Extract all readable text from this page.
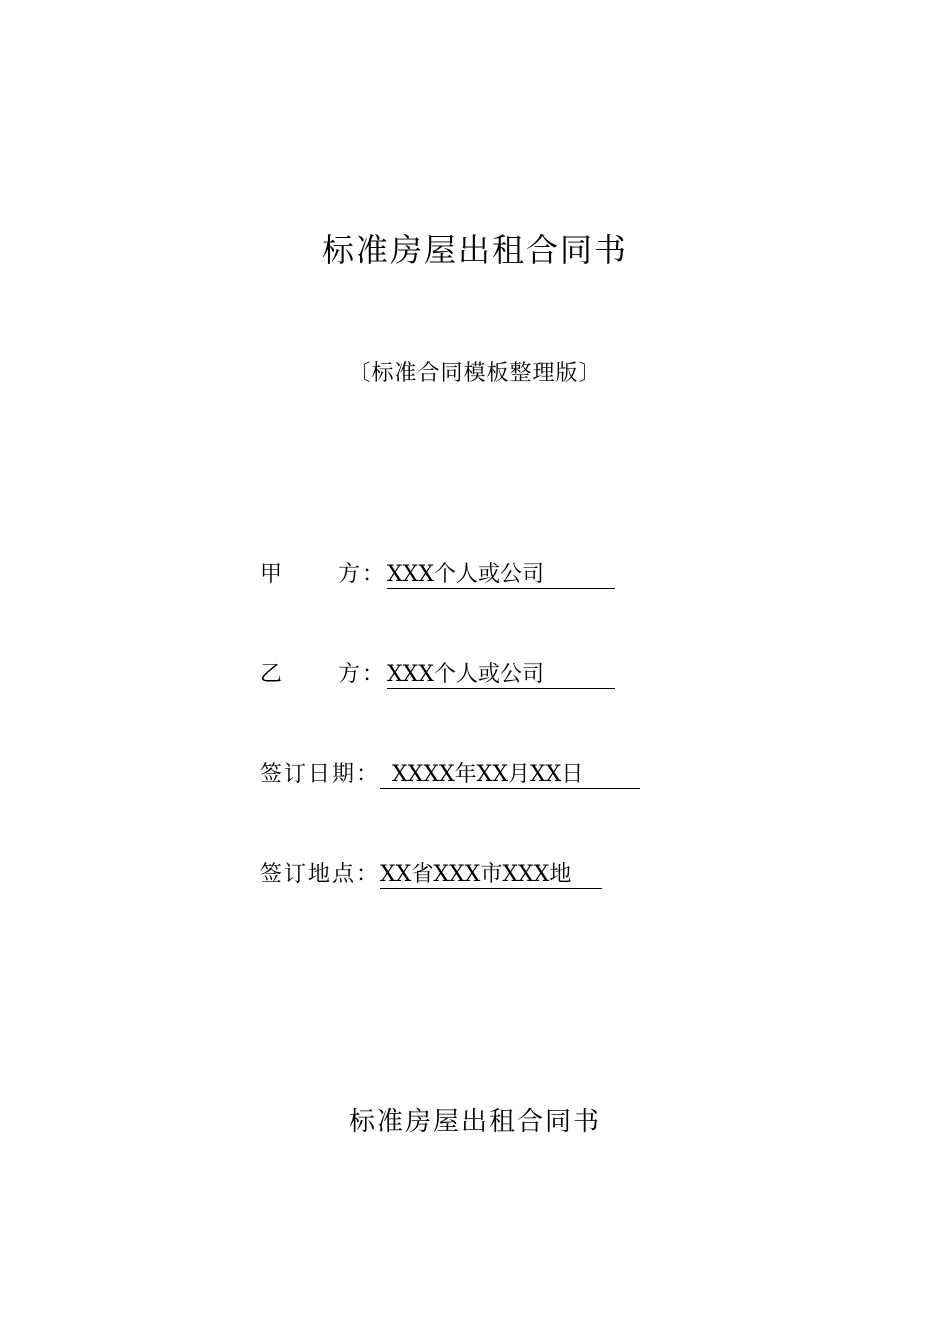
标准房屋出租合同书
〔标准合同模板整理版〕
甲 方：XXX个人或公司
乙 方：XXX个人或公司
签订日期： XXXX年XX月XX日
签订地点：XX省XXX市XXX地
标准房屋出租合同书
